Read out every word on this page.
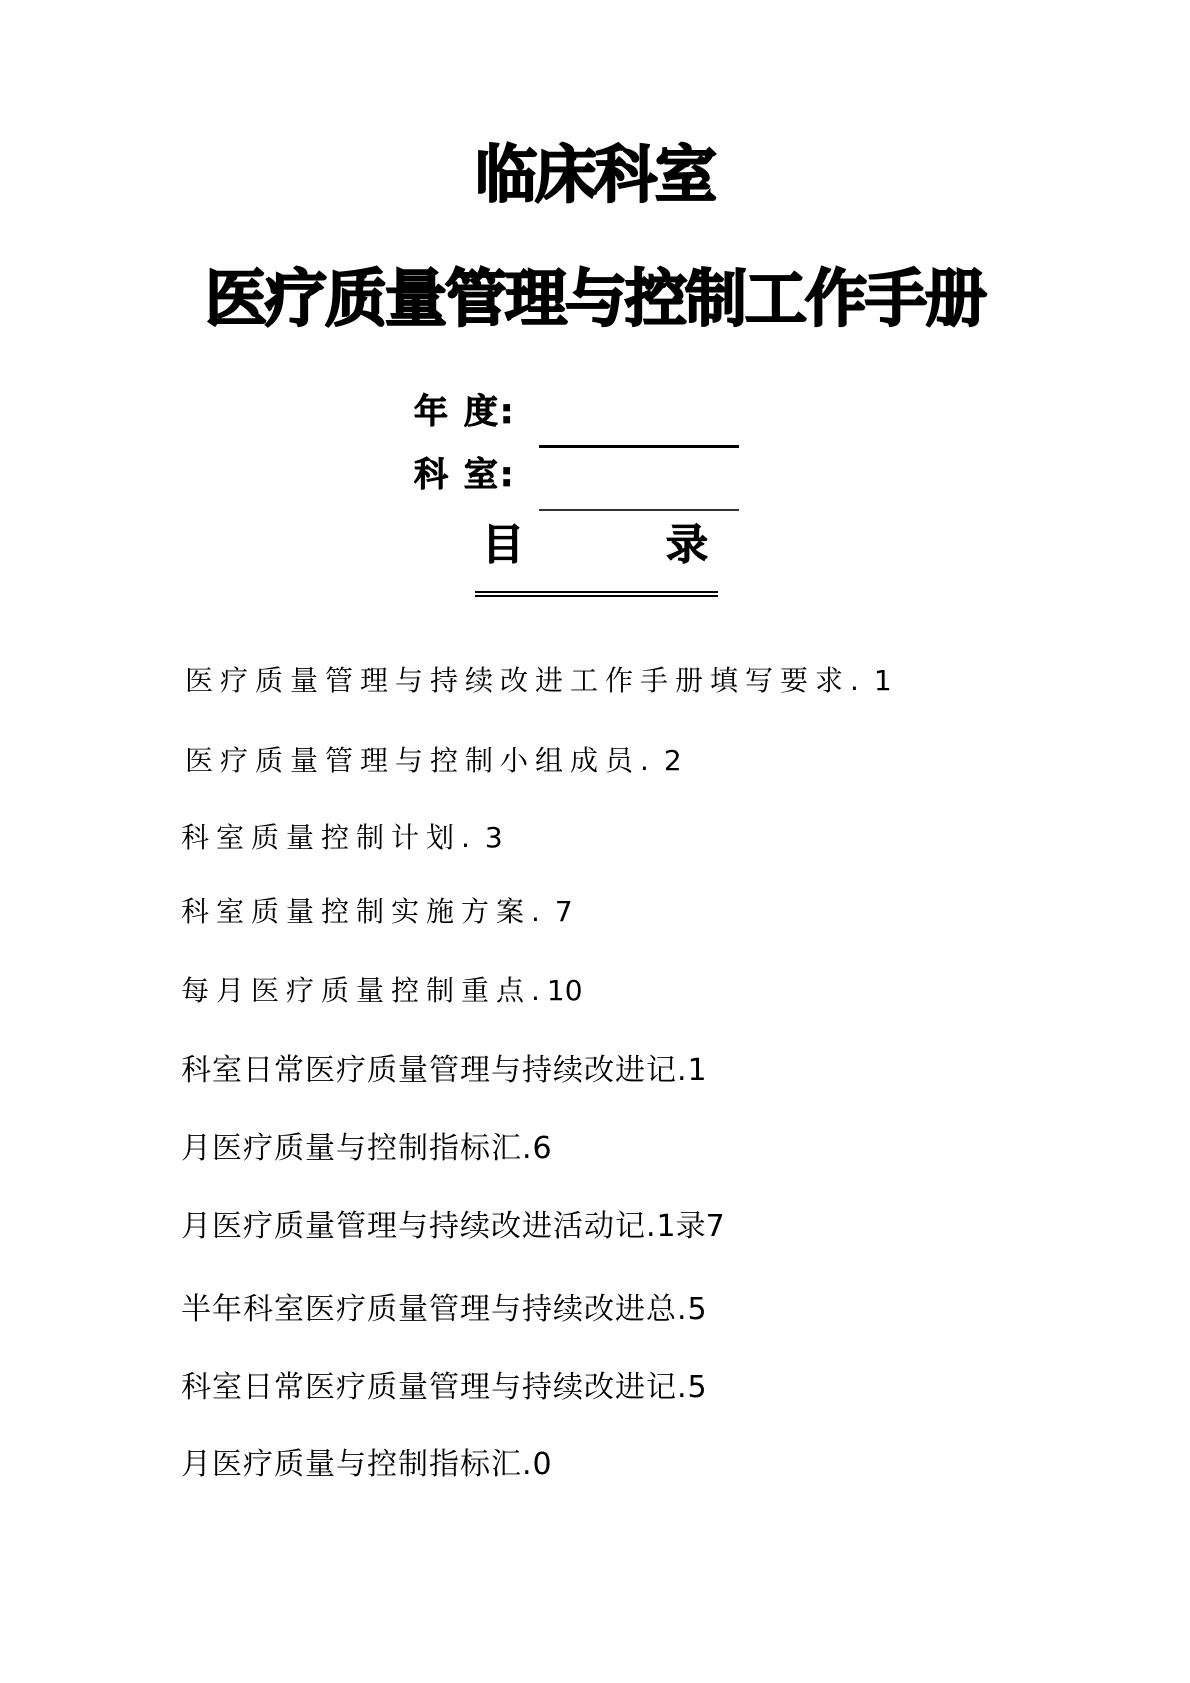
临床科室
医疗质量管理与控制工作手册
年 度:
科 室:
目	录
医疗质量管理与持续改进工作手册填写要求. 1
医疗质量管理与控制小组成员. 2
科室质量控制计划. 3
科室质量控制实施方案. 7
每月医疗质量控制重点.10
科室日常医疗质量管理与持续改进记.1
月医疗质量与控制指标汇.6
月医疗质量管理与持续改进活动记.1录7
半年科室医疗质量管理与持续改进总.5
科室日常医疗质量管理与持续改进记.5
月医疗质量与控制指标汇.0
